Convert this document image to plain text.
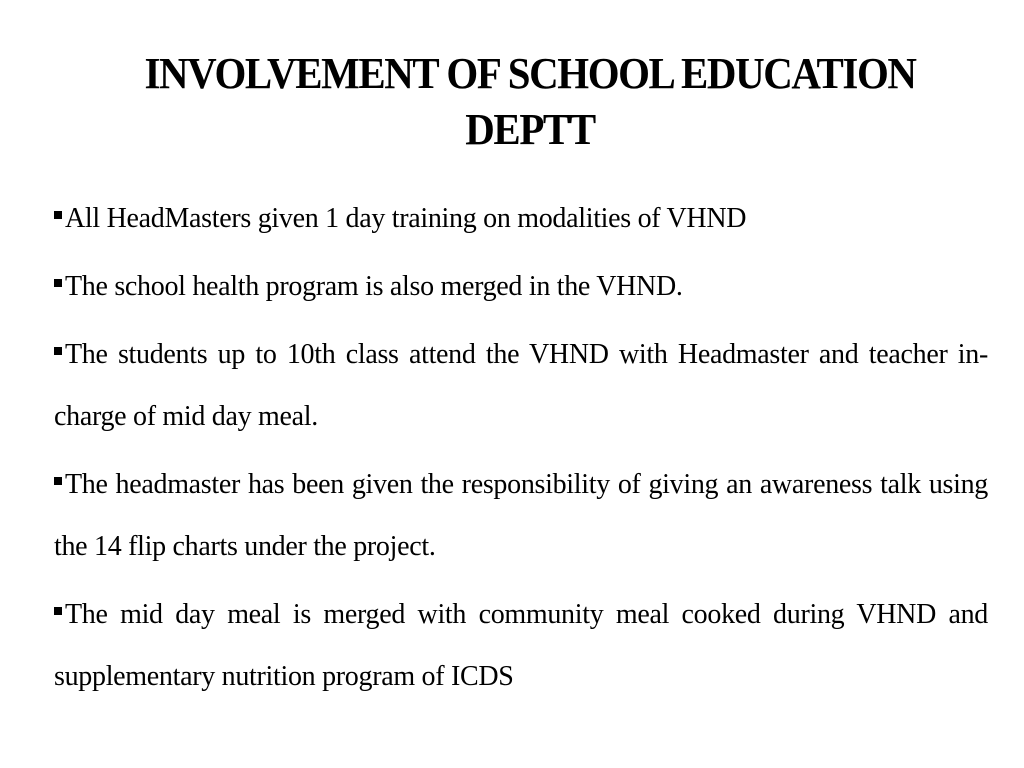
INVOLVEMENT OF SCHOOL EDUCATION
DEPTT
All HeadMasters given 1 day training on modalities of VHND
The school health program is also merged in the VHND.
The students up to 10th class attend the VHND with Headmaster and teacher in-charge of mid day meal.
The headmaster has been given the responsibility of giving an awareness talk using the 14 flip charts under the project.
The mid day meal is merged with community meal cooked during VHND and supplementary nutrition program of ICDS
